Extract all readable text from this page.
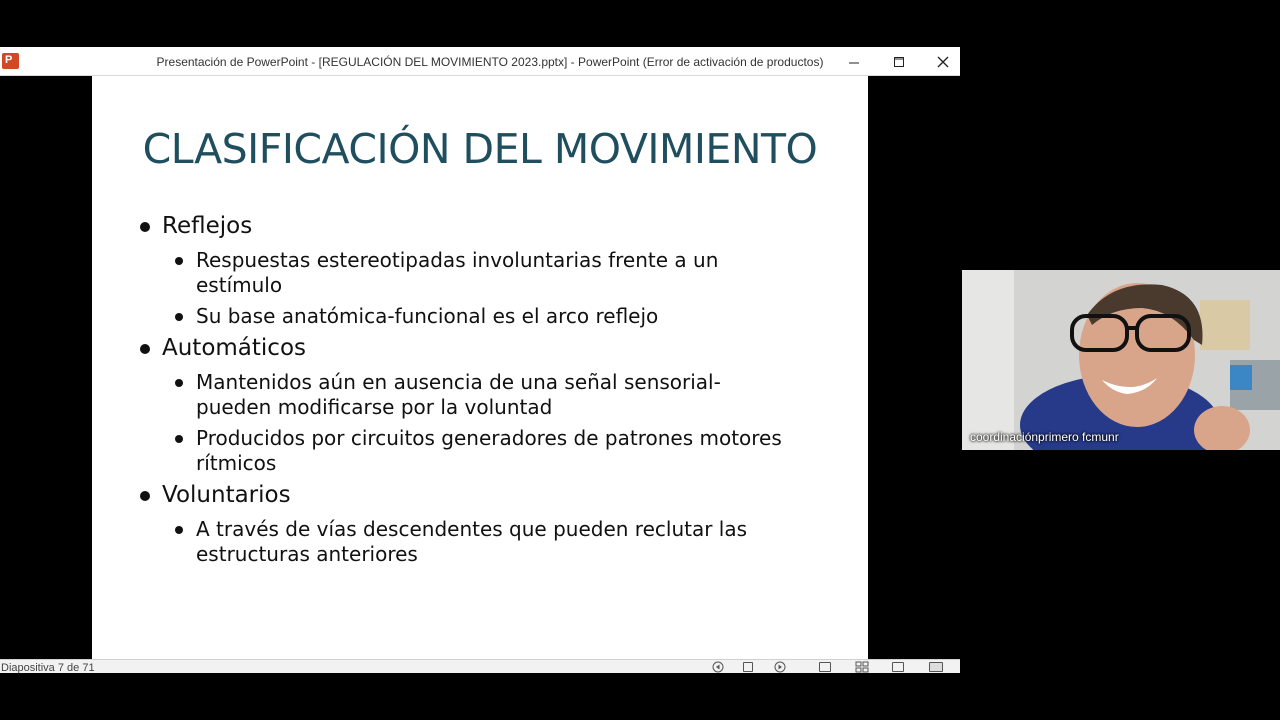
P	Presentación de PowerPoint - [REGULACIÓN DEL MOVIMIENTO 2023.pptx] - PowerPoint (Error de activación de productos)
CLASIFICACIÓN DEL MOVIMIENTO
Reflejos
Respuestas estereotipadas involuntarias frente a un
estímulo
Su base anatómica-funcional es el arco reflejo
Automáticos
Mantenidos aún en ausencia de una señal sensorial-
pueden modificarse por la voluntad
Producidos por circuitos generadores de patrones motores
rítmicos
Voluntarios
A través de vías descendentes que pueden reclutar las
estructuras anteriores
Diapositiva 7 de 71
coordinaciónprimero fcmunr
